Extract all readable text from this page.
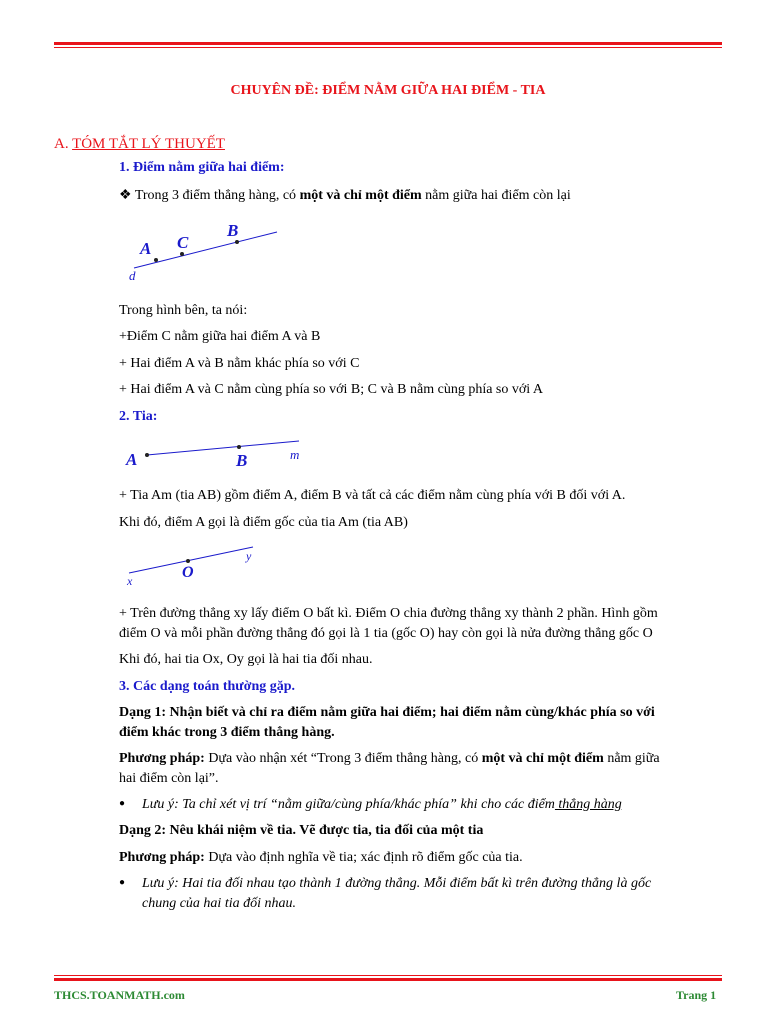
CHUYÊN ĐỀ: ĐIỂM NẰM GIỮA HAI ĐIỂM - TIA
A. TÓM TẮT LÝ THUYẾT
1. Điểm nằm giữa hai điểm:
❖ Trong 3 điểm thẳng hàng, có một và chỉ một điểm nằm giữa hai điểm còn lại
A C
B
d
Trong hình bên, ta nói:
+Điểm C nằm giữa hai điểm A và B
+ Hai điểm A và B nằm khác phía so với C
+ Hai điểm A và C nằm cùng phía so với B; C và B nằm cùng phía so với A
2. Tia:
A	B	m
+ Tia Am (tia AB) gồm điểm A, điểm B và tất cả các điểm nằm cùng phía với B đối với A.
Khi đó, điểm A gọi là điểm gốc của tia Am (tia AB)
x	O
y
+ Trên đường thẳng xy lấy điểm O bất kì. Điểm O chia đường thẳng xy thành 2 phần. Hình gồm
điểm O và mỗi phần đường thẳng đó gọi là 1 tia (gốc O) hay còn gọi là nửa đường thẳng gốc O
Khi đó, hai tia Ox, Oy gọi là hai tia đối nhau.
3. Các dạng toán thường gặp.
Dạng 1: Nhận biết và chỉ ra điểm nằm giữa hai điểm; hai điểm nằm cùng/khác phía so với
điểm khác trong 3 điểm thẳng hàng.
Phương pháp: Dựa vào nhận xét “Trong 3 điểm thẳng hàng, có một và chỉ một điểm nằm giữa
hai điểm còn lại”.
● Lưu ý: Ta chỉ xét vị trí “nằm giữa/cùng phía/khác phía” khi cho các điểm thẳng hàng
Dạng 2: Nêu khái niệm về tia. Vẽ được tia, tia đối của một tia
Phương pháp: Dựa vào định nghĩa về tia; xác định rõ điểm gốc của tia.
● Lưu ý: Hai tia đối nhau tạo thành 1 đường thẳng. Mỗi điểm bất kì trên đường thẳng là gốc
chung của hai tia đối nhau.
THCS.TOANMATH.com	Trang 1
